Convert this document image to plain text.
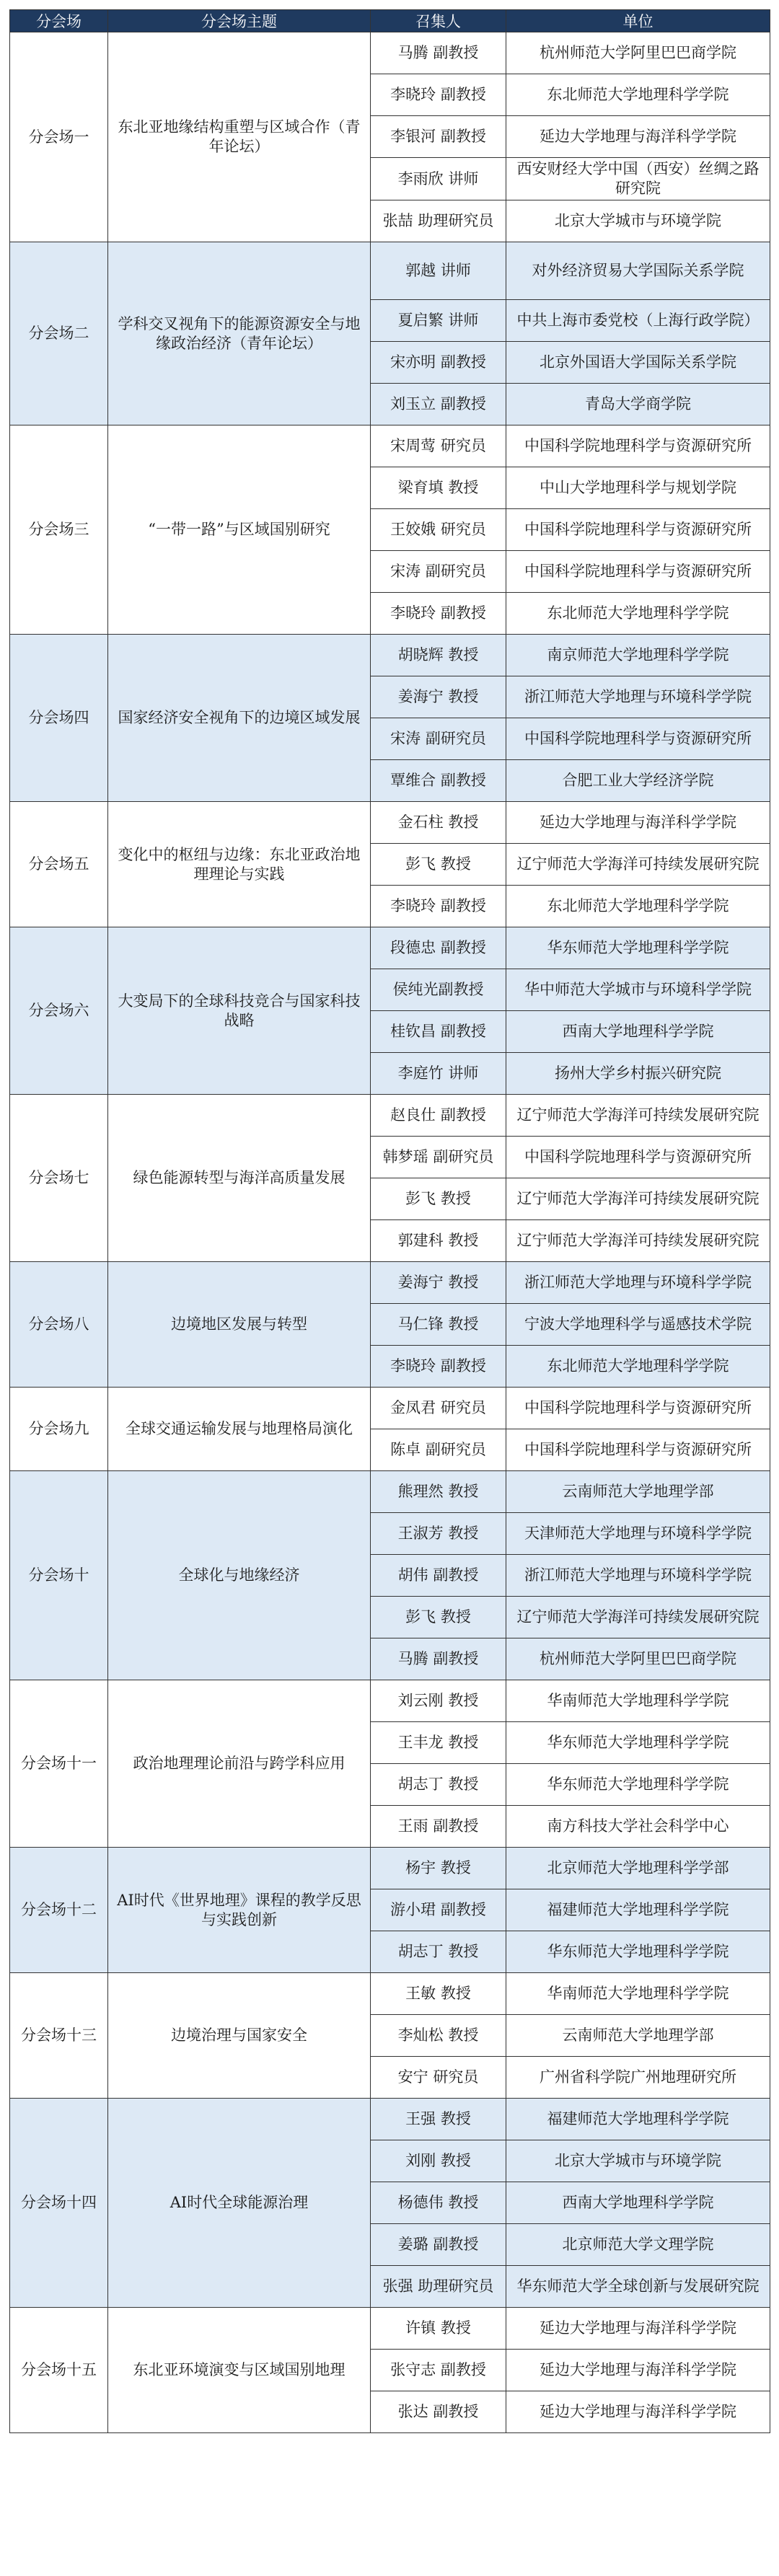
分会场	分会场主题	召集人	单位
分会场一	东北亚地缘结构重塑与区域合作（青年论坛）	马腾 副教授	杭州师范大学阿里巴巴商学院
		李晓玲 副教授	东北师范大学地理科学学院
		李银河 副教授	延边大学地理与海洋科学学院
		李雨欣 讲师	西安财经大学中国（西安）丝绸之路研究院
		张喆 助理研究员	北京大学城市与环境学院
分会场二	学科交叉视角下的能源资源安全与地缘政治经济（青年论坛）	郭越 讲师	对外经济贸易大学国际关系学院
		夏启繁 讲师	中共上海市委党校（上海行政学院）
		宋亦明 副教授	北京外国语大学国际关系学院
		刘玉立 副教授	青岛大学商学院
分会场三	“一带一路”与区域国别研究	宋周莺 研究员	中国科学院地理科学与资源研究所
		梁育填 教授	中山大学地理科学与规划学院
		王姣娥 研究员	中国科学院地理科学与资源研究所
		宋涛 副研究员	中国科学院地理科学与资源研究所
		李晓玲 副教授	东北师范大学地理科学学院
分会场四	国家经济安全视角下的边境区域发展	胡晓辉 教授	南京师范大学地理科学学院
		姜海宁 教授	浙江师范大学地理与环境科学学院
		宋涛 副研究员	中国科学院地理科学与资源研究所
		覃维合 副教授	合肥工业大学经济学院
分会场五	变化中的枢纽与边缘：东北亚政治地理理论与实践	金石柱 教授	延边大学地理与海洋科学学院
		彭飞 教授	辽宁师范大学海洋可持续发展研究院
		李晓玲 副教授	东北师范大学地理科学学院
分会场六	大变局下的全球科技竞合与国家科技战略	段德忠 副教授	华东师范大学地理科学学院
		侯纯光副教授	华中师范大学城市与环境科学学院
		桂钦昌 副教授	西南大学地理科学学院
		李庭竹 讲师	扬州大学乡村振兴研究院
分会场七	绿色能源转型与海洋高质量发展	赵良仕 副教授	辽宁师范大学海洋可持续发展研究院
		韩梦瑶 副研究员	中国科学院地理科学与资源研究所
		彭飞 教授	辽宁师范大学海洋可持续发展研究院
		郭建科 教授	辽宁师范大学海洋可持续发展研究院
分会场八	边境地区发展与转型	姜海宁 教授	浙江师范大学地理与环境科学学院
		马仁锋 教授	宁波大学地理科学与遥感技术学院
		李晓玲 副教授	东北师范大学地理科学学院
分会场九	全球交通运输发展与地理格局演化	金凤君 研究员	中国科学院地理科学与资源研究所
		陈卓 副研究员	中国科学院地理科学与资源研究所
分会场十	全球化与地缘经济	熊理然 教授	云南师范大学地理学部
		王淑芳 教授	天津师范大学地理与环境科学学院
		胡伟 副教授	浙江师范大学地理与环境科学学院
		彭飞 教授	辽宁师范大学海洋可持续发展研究院
		马腾 副教授	杭州师范大学阿里巴巴商学院
分会场十一	政治地理理论前沿与跨学科应用	刘云刚 教授	华南师范大学地理科学学院
		王丰龙 教授	华东师范大学地理科学学院
		胡志丁 教授	华东师范大学地理科学学院
		王雨 副教授	南方科技大学社会科学中心
分会场十二	AI时代《世界地理》课程的教学反思与实践创新	杨宇 教授	北京师范大学地理科学学部
		游小珺 副教授	福建师范大学地理科学学院
		胡志丁 教授	华东师范大学地理科学学院
分会场十三	边境治理与国家安全	王敏 教授	华南师范大学地理科学学院
		李灿松 教授	云南师范大学地理学部
		安宁 研究员	广州省科学院广州地理研究所
分会场十四	AI时代全球能源治理	王强 教授	福建师范大学地理科学学院
		刘刚 教授	北京大学城市与环境学院
		杨德伟 教授	西南大学地理科学学院
		姜璐 副教授	北京师范大学文理学院
		张强 助理研究员	华东师范大学全球创新与发展研究院
分会场十五	东北亚环境演变与区域国别地理	许镇 教授	延边大学地理与海洋科学学院
		张守志 副教授	延边大学地理与海洋科学学院
		张达 副教授	延边大学地理与海洋科学学院
